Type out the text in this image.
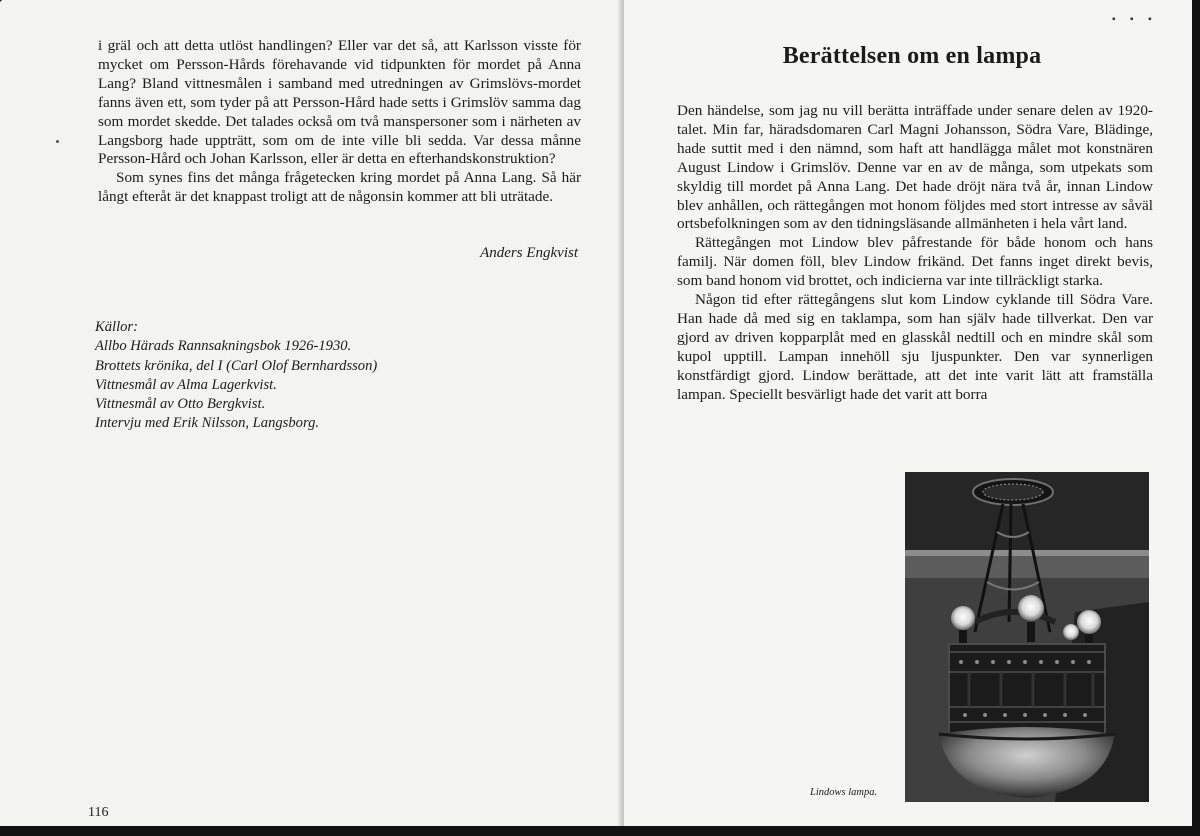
i gräl och att detta utlöst handlingen? Eller var det så, att Karlsson visste för mycket om Persson-Hårds förehavande vid tidpunkten för mordet på Anna Lang? Bland vittnesmålen i samband med utredningen av Grimslövs-mordet fanns även ett, som tyder på att Persson-Hård hade setts i Grimslöv samma dag som mordet skedde. Det talades också om två manspersoner som i närheten av Langsborg hade uppträtt, som om de inte ville bli sedda. Var dessa månne Persson-Hård och Johan Karlsson, eller är detta en efterhandskonstruktion?

Som synes fins det många frågetecken kring mordet på Anna Lang. Så här långt efteråt är det knappast troligt att de någonsin kommer att bli uträtade.

Anders Engkvist
Källor:
Allbo Härads Rannsakningsbok 1926-1930.
Brottets krönika, del I (Carl Olof Bernhardsson)
Vittnesmål av Alma Lagerkvist.
Vittnesmål av Otto Bergkvist.
Intervju med Erik Nilsson, Langsborg.
116
▪ ▪ ▪
Berättelsen om en lampa

Den händelse, som jag nu vill berätta inträffade under senare delen av 1920-talet. Min far, häradsdomaren Carl Magni Johansson, Södra Vare, Blädinge, hade suttit med i den nämnd, som haft att handlägga målet mot konstnären August Lindow i Grimslöv. Denne var en av de många, som utpekats som skyldig till mordet på Anna Lang. Det hade dröjt nära två år, innan Lindow blev anhållen, och rättegången mot honom följdes med stort intresse av såväl ortsbefolkningen som av den tidningsläsande allmänheten i hela vårt land.

Rättegången mot Lindow blev påfrestande för både honom och hans familj. När domen föll, blev Lindow frikänd. Det fanns inget direkt bevis, som band honom vid brottet, och indicierna var inte tillräckligt starka.

Någon tid efter rättegångens slut kom Lindow cyklande till Södra Vare. Han hade då med sig en taklampa, som han själv hade tillverkat. Den var gjord av driven kopparplåt med en glasskål nedtill och en mindre skål som kupol upptill. Lampan innehöll sju ljuspunkter. Den var synnerligen konstfärdigt gjord. Lindow berättade, att det inte varit lätt att framställa lampan. Speciellt besvärligt hade det varit att borra

Lindows lampa.
